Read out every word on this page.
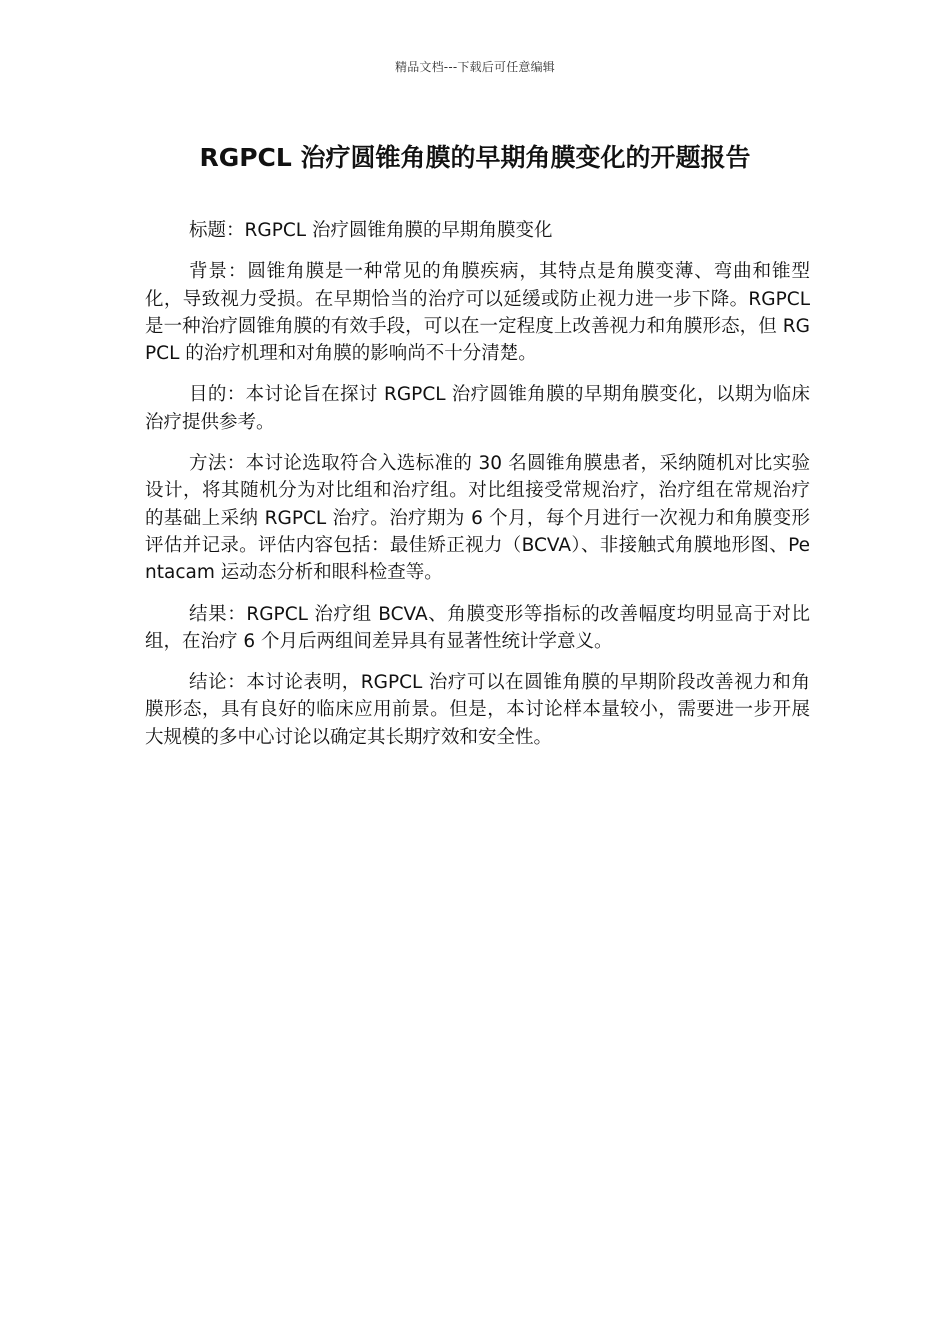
精品文档---下载后可任意编辑
RGPCL 治疗圆锥角膜的早期角膜变化的开题报告

标题：RGPCL 治疗圆锥角膜的早期角膜变化

背景：圆锥角膜是一种常见的角膜疾病，其特点是角膜变薄、弯曲和锥型化，导致视力受损。在早期恰当的治疗可以延缓或防止视力进一步下降。RGPCL 是一种治疗圆锥角膜的有效手段，可以在一定程度上改善视力和角膜形态，但 RGPCL 的治疗机理和对角膜的影响尚不十分清楚。

目的：本讨论旨在探讨 RGPCL 治疗圆锥角膜的早期角膜变化，以期为临床治疗提供参考。

方法：本讨论选取符合入选标准的 30 名圆锥角膜患者，采纳随机对比实验设计，将其随机分为对比组和治疗组。对比组接受常规治疗，治疗组在常规治疗的基础上采纳 RGPCL 治疗。治疗期为 6 个月，每个月进行一次视力和角膜变形评估并记录。评估内容包括：最佳矫正视力（BCVA）、非接触式角膜地形图、Pentacam 运动态分析和眼科检查等。

结果：RGPCL 治疗组 BCVA、角膜变形等指标的改善幅度均明显高于对比组，在治疗 6 个月后两组间差异具有显著性统计学意义。

结论：本讨论表明，RGPCL 治疗可以在圆锥角膜的早期阶段改善视力和角膜形态，具有良好的临床应用前景。但是，本讨论样本量较小，需要进一步开展大规模的多中心讨论以确定其长期疗效和安全性。
